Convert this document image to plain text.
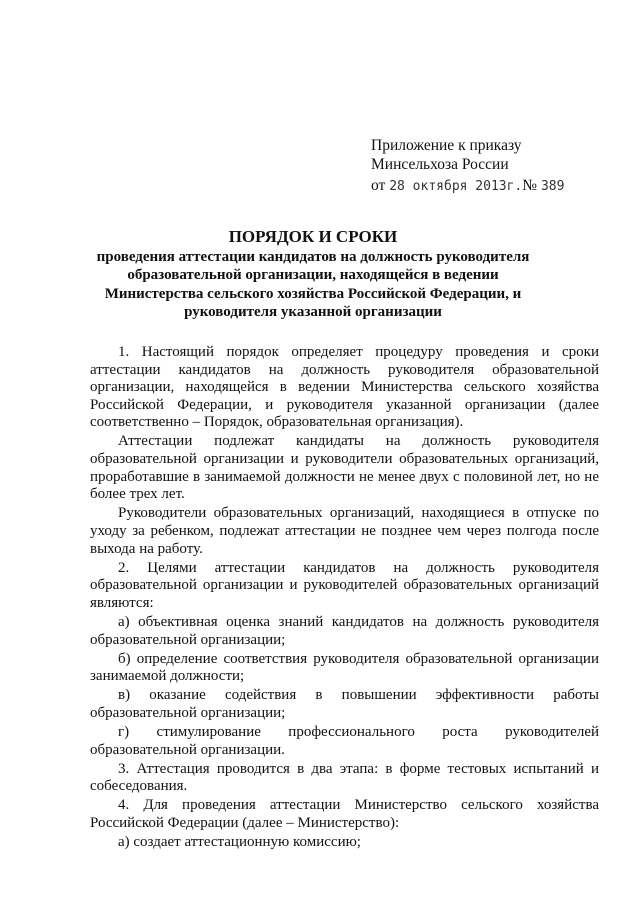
Приложение к приказу
Минсельхоза России
от 28 октября 2013г.№ 389
ПОРЯДОК И СРОКИ
проведения аттестации кандидатов на должность руководителя образовательной организации, находящейся в ведении Министерства сельского хозяйства Российской Федерации, и руководителя указанной организации

1. Настоящий порядок определяет процедуру проведения и сроки аттестации кандидатов на должность руководителя образовательной организации, находящейся в ведении Министерства сельского хозяйства Российской Федерации, и руководителя указанной организации (далее соответственно – Порядок, образовательная организация).

Аттестации подлежат кандидаты на должность руководителя образовательной организации и руководители образовательных организаций, проработавшие в занимаемой должности не менее двух с половиной лет, но не более трех лет.

Руководители образовательных организаций, находящиеся в отпуске по уходу за ребенком, подлежат аттестации не позднее чем через полгода после выхода на работу.

2. Целями аттестации кандидатов на должность руководителя образовательной организации и руководителей образовательных организаций являются:

а) объективная оценка знаний кандидатов на должность руководителя образовательной организации;

б) определение соответствия руководителя образовательной организации занимаемой должности;

в) оказание содействия в повышении эффективности работы образовательной организации;

г) стимулирование профессионального роста руководителей образовательной организации.

3. Аттестация проводится в два этапа: в форме тестовых испытаний и собеседования.

4. Для проведения аттестации Министерство сельского хозяйства Российской Федерации (далее – Министерство):

а) создает аттестационную комиссию;
